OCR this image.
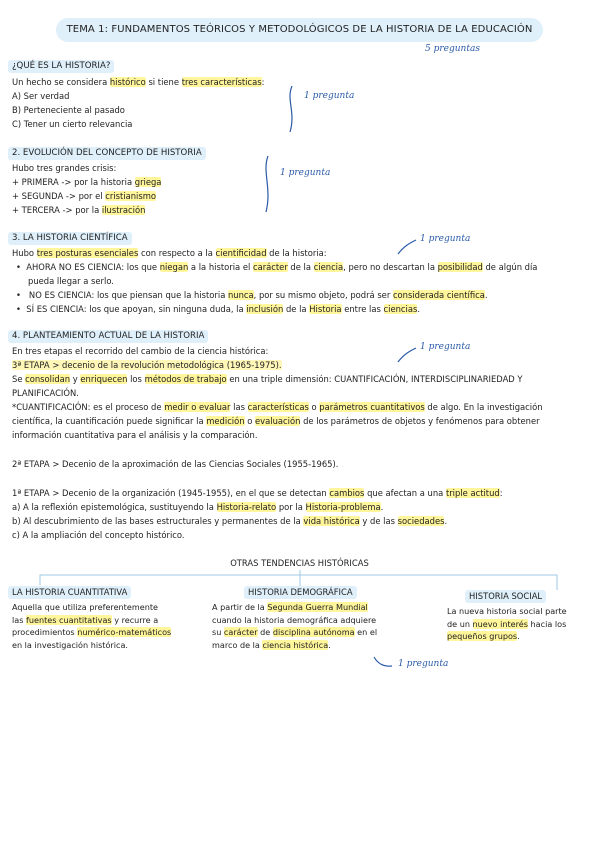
TEMA 1: FUNDAMENTOS TEÓRICOS Y METODOLÓGICOS DE LA HISTORIA DE LA EDUCACIÓN
5 preguntas
¿QUÉ ES LA HISTORIA?
Un hecho se considera histórico si tiene tres características:
A) Ser verdad
B) Perteneciente al pasado
C) Tener un cierto relevancia
1 pregunta
2. EVOLUCIÓN DEL CONCEPTO DE HISTORIA
Hubo tres grandes crisis:
+ PRIMERA -> por la historia griega
+ SEGUNDA -> por el cristianismo
+ TERCERA -> por la ilustración
1 pregunta
3. LA HISTORIA CIENTÍFICA	1 pregunta
Hubo tres posturas esenciales con respecto a la cientificidad de la historia:
•  AHORA NO ES CIENCIA: los que niegan a la historia el carácter de la ciencia, pero no descartan la posibilidad de algún día
pueda llegar a serlo.
•   NO ES CIENCIA: los que piensan que la historia nunca, por su mismo objeto, podrá ser considerada científica.
•  SÍ ES CIENCIA: los que apoyan, sin ninguna duda, la inclusión de la Historia entre las ciencias.
4. PLANTEAMIENTO ACTUAL DE LA HISTORIA
1 pregunta
En tres etapas el recorrido del cambio de la ciencia histórica:
3ª ETAPA > decenio de la revolución metodológica (1965-1975).
Se consolidan y enriquecen los métodos de trabajo en una triple dimensión: CUANTIFICACIÓN, INTERDISCIPLINARIEDAD Y
PLANIFICACIÓN.
*CUANTIFICACIÓN: es el proceso de medir o evaluar las características o parámetros cuantitativos de algo. En la investigación
científica, la cuantificación puede significar la medición o evaluación de los parámetros de objetos y fenómenos para obtener
información cuantitativa para el análisis y la comparación.
2ª ETAPA > Decenio de la aproximación de las Ciencias Sociales (1955-1965).
1ª ETAPA > Decenio de la organización (1945-1955), en el que se detectan cambios que afectan a una triple actitud:
a) A la reflexión epistemológica, sustituyendo la Historia-relato por la Historia-problema.
b) Al descubrimiento de las bases estructurales y permanentes de la vida histórica y de las sociedades.
c) A la ampliación del concepto histórico.
OTRAS TENDENCIAS HISTÓRICAS
LA HISTORIA CUANTITATIVA
Aquella que utiliza preferentemente
las fuentes cuantitativas y recurre a
procedimientos numérico-matemáticos
en la investigación histórica.
HISTORIA DEMOGRÁFICA
A partir de la Segunda Guerra Mundial
cuando la historia demográfica adquiere
su carácter de disciplina autónoma en el
marco de la ciencia histórica.
HISTORIA SOCIAL
La nueva historia social parte
de un nuevo interés hacia los
pequeños grupos.
1 pregunta
